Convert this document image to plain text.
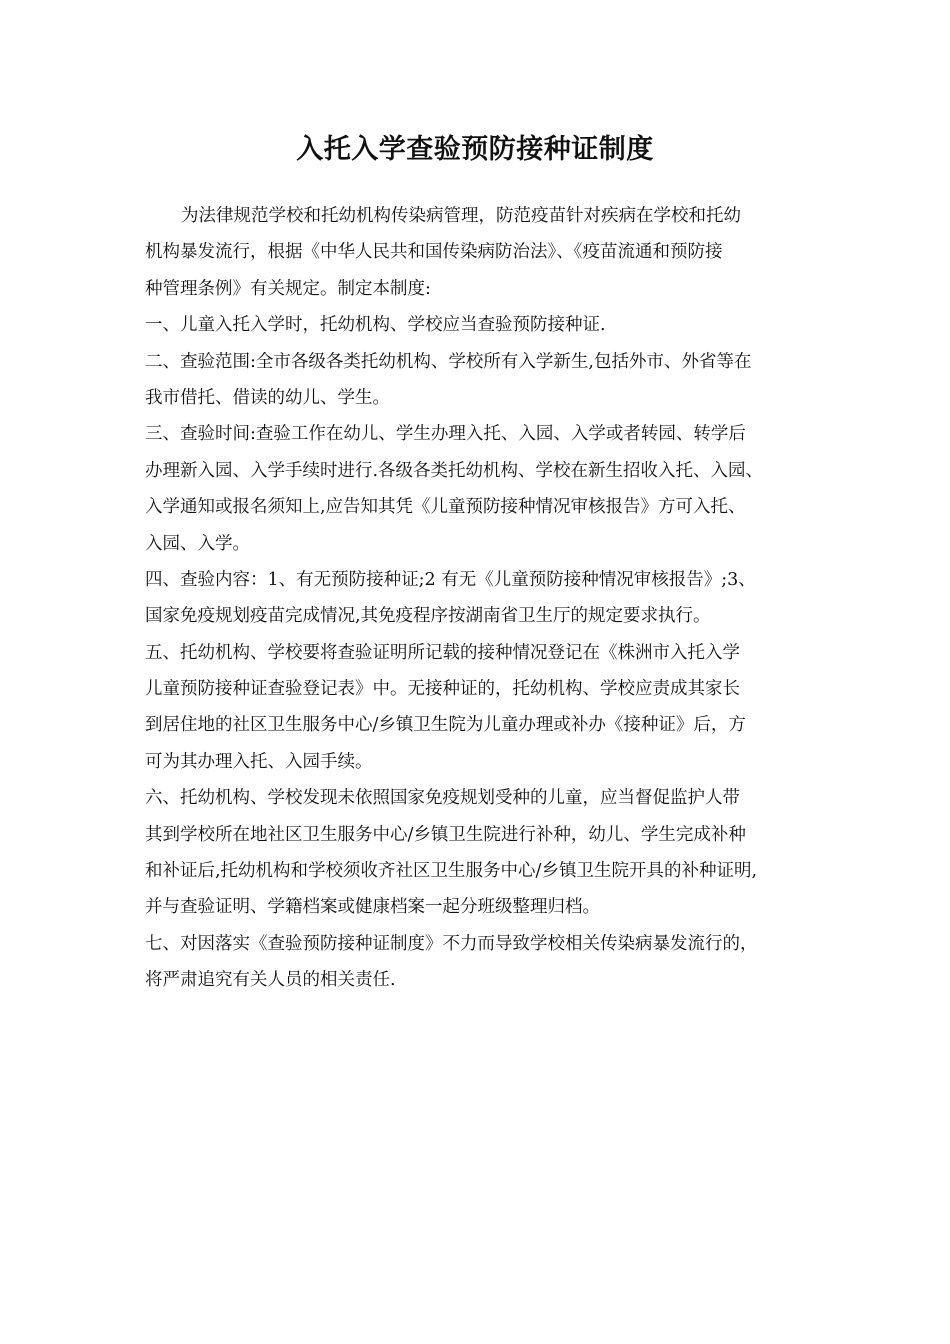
入托入学查验预防接种证制度
为法律规范学校和托幼机构传染病管理，防范疫苗针对疾病在学校和托幼
机构暴发流行，根据《中华人民共和国传染病防治法》、《疫苗流通和预防接
种管理条例》有关规定。制定本制度:
一、儿童入托入学时，托幼机构、学校应当查验预防接种证.
二、查验范围:全市各级各类托幼机构、学校所有入学新生,包括外市、外省等在
我市借托、借读的幼儿、学生。
三、查验时间:查验工作在幼儿、学生办理入托、入园、入学或者转园、转学后
办理新入园、入学手续时进行.各级各类托幼机构、学校在新生招收入托、入园、
入学通知或报名须知上,应告知其凭《儿童预防接种情况审核报告》方可入托、
入园、入学。
四、查验内容：1、有无预防接种证;2 有无《儿童预防接种情况审核报告》;3、
国家免疫规划疫苗完成情况,其免疫程序按湖南省卫生厅的规定要求执行。
五、托幼机构、学校要将查验证明所记载的接种情况登记在《株洲市入托入学
儿童预防接种证查验登记表》中。无接种证的，托幼机构、学校应责成其家长
到居住地的社区卫生服务中心/乡镇卫生院为儿童办理或补办《接种证》后，方
可为其办理入托、入园手续。
六、托幼机构、学校发现未依照国家免疫规划受种的儿童，应当督促监护人带
其到学校所在地社区卫生服务中心/乡镇卫生院进行补种，幼儿、学生完成补种
和补证后,托幼机构和学校须收齐社区卫生服务中心/乡镇卫生院开具的补种证明,
并与查验证明、学籍档案或健康档案一起分班级整理归档。
七、对因落实《查验预防接种证制度》不力而导致学校相关传染病暴发流行的，
将严肃追究有关人员的相关责任.
